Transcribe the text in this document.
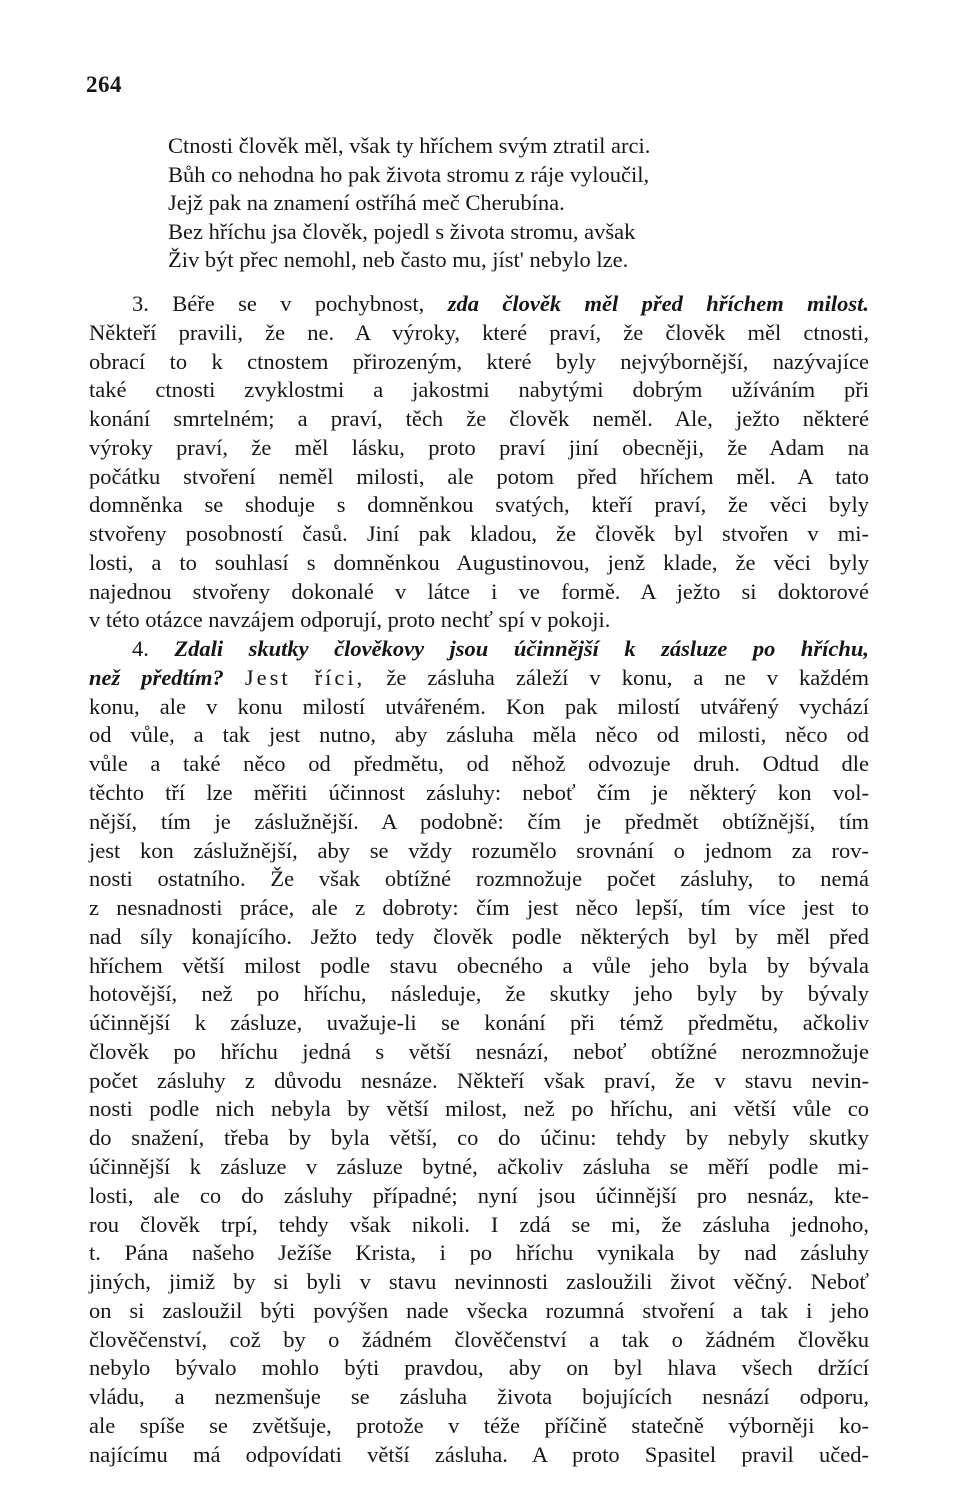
264
Ctnosti člověk měl, však ty hříchem svým ztratil arci.
Bůh co nehodna ho pak života stromu z ráje vyloučil,
Jejž pak na znamení ostříhá meč Cherubína.
Bez hříchu jsa člověk, pojedl s života stromu, avšak
Živ být přec nemohl, neb často mu, jíst' nebylo lze.
3. Béře se v pochybnost, zda člověk měl před hříchem milost.
Někteří pravili, že ne. A výroky, které praví, že člověk měl ctnosti,
obrací to k ctnostem přirozeným, které byly nejvýbornější, nazývajíce
také ctnosti zvyklostmi a jakostmi nabytými dobrým užíváním při
konání smrtelném; a praví, těch že člověk neměl. Ale, ježto některé
výroky praví, že měl lásku, proto praví jiní obecněji, že Adam na
počátku stvoření neměl milosti, ale potom před hříchem měl. A tato
domněnka se shoduje s domněnkou svatých, kteří praví, že věci byly
stvořeny posobností časů. Jiní pak kladou, že člověk byl stvořen v mi-
losti, a to souhlasí s domněnkou Augustinovou, jenž klade, že věci byly
najednou stvořeny dokonalé v látce i ve formě. A ježto si doktorové
v této otázce navzájem odporují, proto nechť spí v pokoji.
4. Zdali skutky člověkovy jsou účinnější k zásluze po hříchu,
než předtím? Jest říci, že zásluha záleží v konu, a ne v každém
konu, ale v konu milostí utvářeném. Kon pak milostí utvářený vychází
od vůle, a tak jest nutno, aby zásluha měla něco od milosti, něco od
vůle a také něco od předmětu, od něhož odvozuje druh. Odtud dle
těchto tří lze měřiti účinnost zásluhy: neboť čím je některý kon vol-
nější, tím je záslužnější. A podobně: čím je předmět obtížnější, tím
jest kon záslužnější, aby se vždy rozumělo srovnání o jednom za rov-
nosti ostatního. Že však obtížné rozmnožuje počet zásluhy, to nemá
z nesnadnosti práce, ale z dobroty: čím jest něco lepší, tím více jest to
nad síly konajícího. Ježto tedy člověk podle některých byl by měl před
hříchem větší milost podle stavu obecného a vůle jeho byla by bývala
hotovější, než po hříchu, následuje, že skutky jeho byly by bývaly
účinnější k zásluze, uvažuje-li se konání při témž předmětu, ačkoliv
člověk po hříchu jedná s větší nesnází, neboť obtížné nerozmnožuje
počet zásluhy z důvodu nesnáze. Někteří však praví, že v stavu nevin-
nosti podle nich nebyla by větší milost, než po hříchu, ani větší vůle co
do snažení, třeba by byla větší, co do účinu: tehdy by nebyly skutky
účinnější k zásluze v zásluze bytné, ačkoliv zásluha se měří podle mi-
losti, ale co do zásluhy případné; nyní jsou účinnější pro nesnáz, kte-
rou člověk trpí, tehdy však nikoli. I zdá se mi, že zásluha jednoho,
t. Pána našeho Ježíše Krista, i po hříchu vynikala by nad zásluhy
jiných, jimiž by si byli v stavu nevinnosti zasloužili život věčný. Neboť
on si zasloužil býti povýšen nade všecka rozumná stvoření a tak i jeho
člověčenství, což by o žádném člověčenství a tak o žádném člověku
nebylo bývalo mohlo býti pravdou, aby on byl hlava všech držící
vládu, a nezmenšuje se zásluha života bojujících nesnází odporu,
ale spíše se zvětšuje, protože v téže příčině statečně výborněji ko-
najícímu má odpovídati větší zásluha. A proto Spasitel pravil učed-
